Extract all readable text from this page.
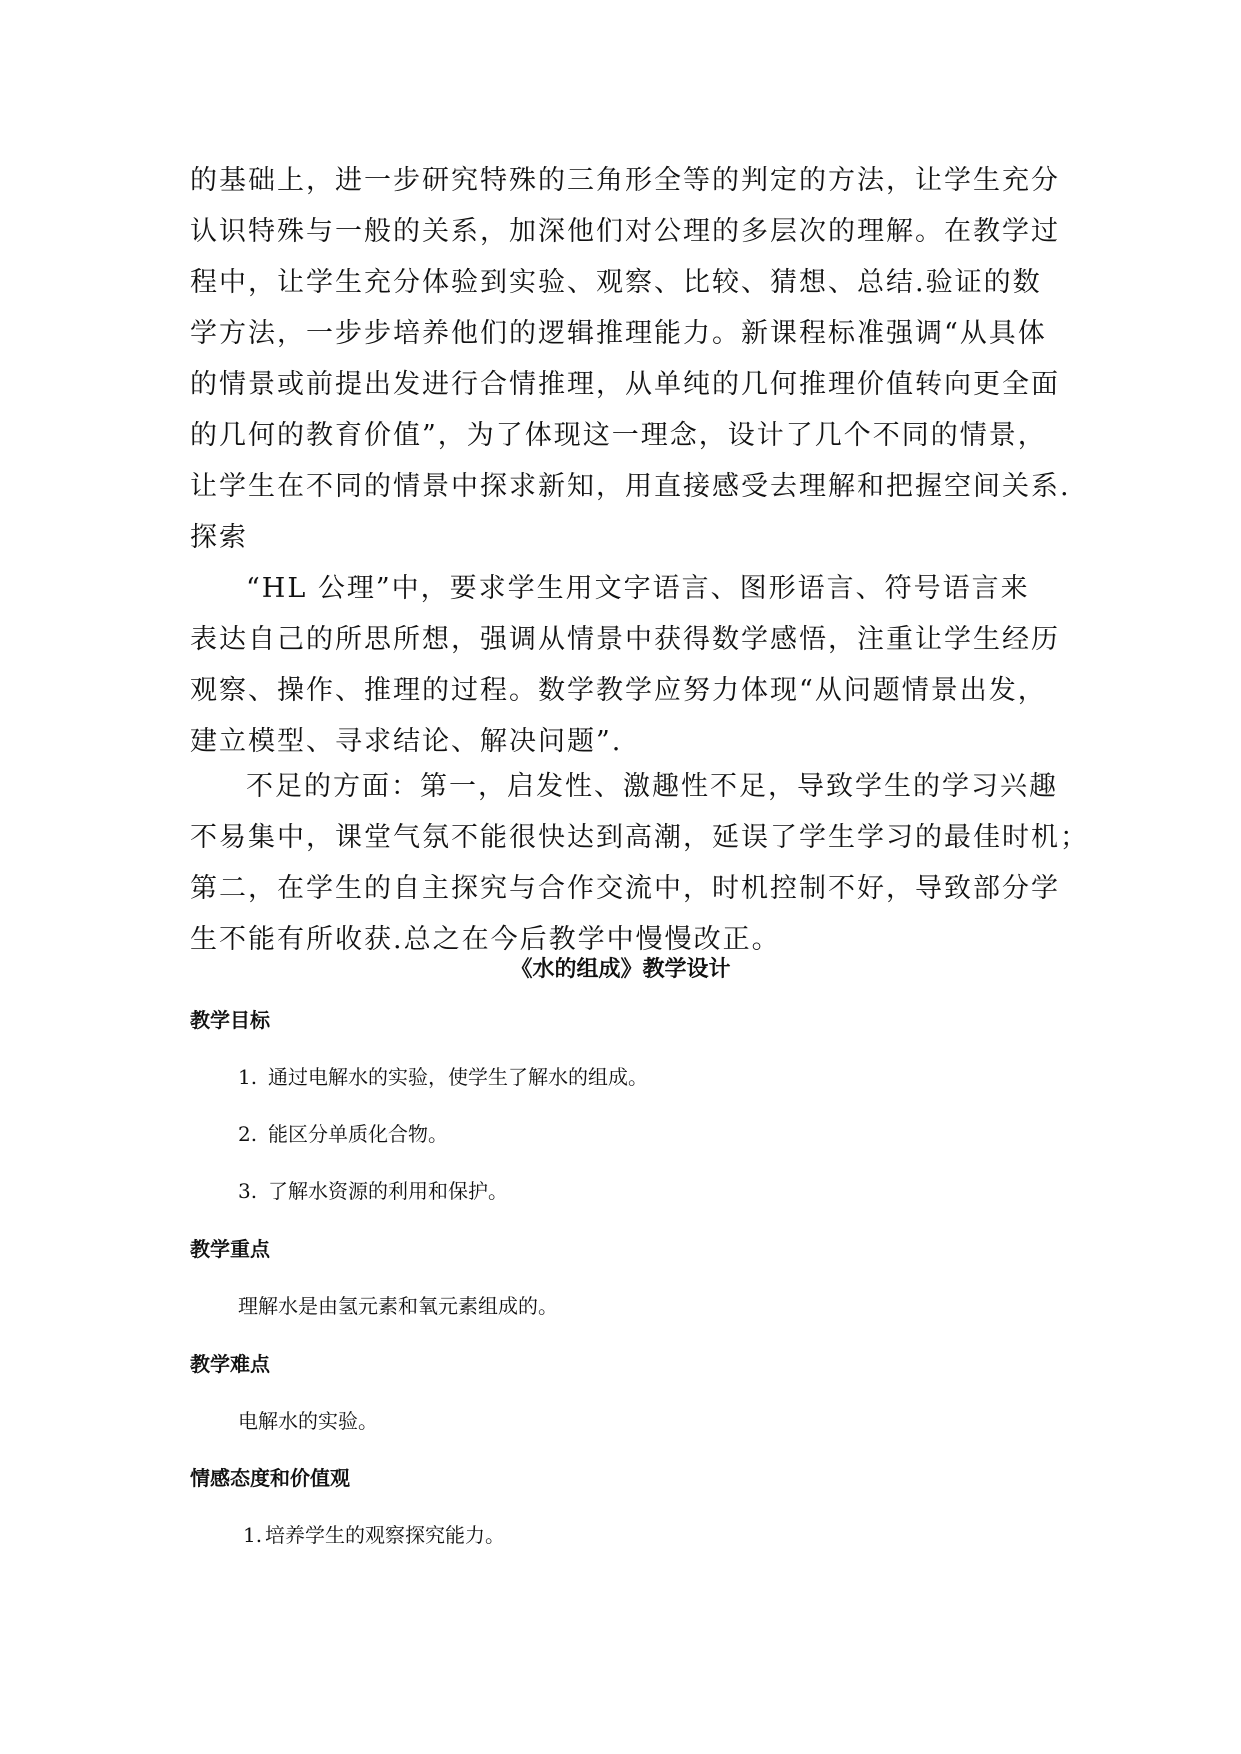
的基础上，进一步研究特殊的三角形全等的判定的方法，让学生充分
认识特殊与一般的关系，加深他们对公理的多层次的理解。在教学过
程中，让学生充分体验到实验、观察、比较、猜想、总结.验证的数
学方法，一步步培养他们的逻辑推理能力。新课程标准强调“从具体
的情景或前提出发进行合情推理，从单纯的几何推理价值转向更全面
的几何的教育价值”，为了体现这一理念，设计了几个不同的情景，
让学生在不同的情景中探求新知，用直接感受去理解和把握空间关系.
探索
“HL 公理”中，要求学生用文字语言、图形语言、符号语言来
表达自己的所思所想，强调从情景中获得数学感悟，注重让学生经历
观察、操作、推理的过程。数学教学应努力体现“从问题情景出发，
建立模型、寻求结论、解决问题”.
不足的方面：第一，启发性、激趣性不足，导致学生的学习兴趣
不易集中，课堂气氛不能很快达到高潮，延误了学生学习的最佳时机；
第二，在学生的自主探究与合作交流中，时机控制不好，导致部分学
生不能有所收获.总之在今后教学中慢慢改正。
《水的组成》教学设计
教学目标
1. 通过电解水的实验，使学生了解水的组成。
2. 能区分单质化合物。
3. 了解水资源的利用和保护。
教学重点
理解水是由氢元素和氧元素组成的。
教学难点
电解水的实验。
情感态度和价值观
1. 培养学生的观察探究能力。
